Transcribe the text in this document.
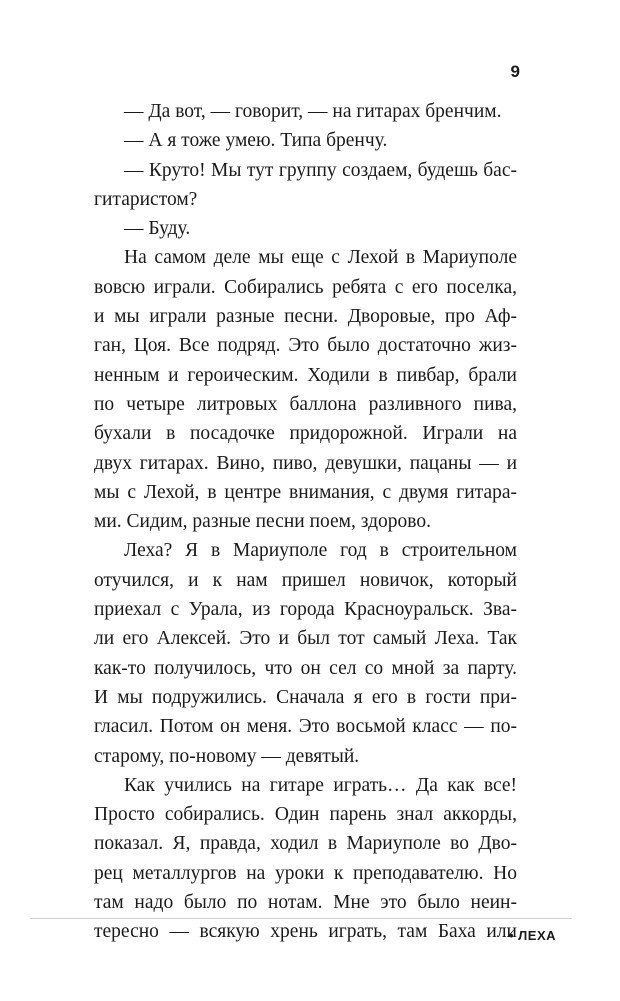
9
— Да вот, — говорит, — на гитарах бренчим.
— А я тоже умею. Типа бренчу.
— Круто! Мы тут группу создаем, будешь бас-
гитаристом?
— Буду.
На самом деле мы еще с Лехой в Мариуполе
вовсю играли. Собирались ребята с его поселка,
и мы играли разные песни. Дворовые, про Аф-
ган, Цоя. Все подряд. Это было достаточно жиз-
ненным и героическим. Ходили в пивбар, брали
по четыре литровых баллона разливного пива,
бухали в посадочке придорожной. Играли на
двух гитарах. Вино, пиво, девушки, пацаны — и
мы с Лехой, в центре внимания, с двумя гитара-
ми. Сидим, разные песни поем, здорово.
Леха? Я в Мариуполе год в строительном
отучился, и к нам пришел новичок, который
приехал с Урала, из города Красноуральск. Зва-
ли его Алексей. Это и был тот самый Леха. Так
как-то получилось, что он сел со мной за парту.
И мы подружились. Сначала я его в гости при-
гласил. Потом он меня. Это восьмой класс — по-
старому, по-новому — девятый.
Как учились на гитаре играть… Да как все!
Просто собирались. Один парень знал аккорды,
показал. Я, правда, ходил в Мариуполе во Дво-
рец металлургов на уроки к преподавателю. Но
там надо было по нотам. Мне это было неин-
тересно — всякую хрень играть, там Баха или
• ЛЕХА
